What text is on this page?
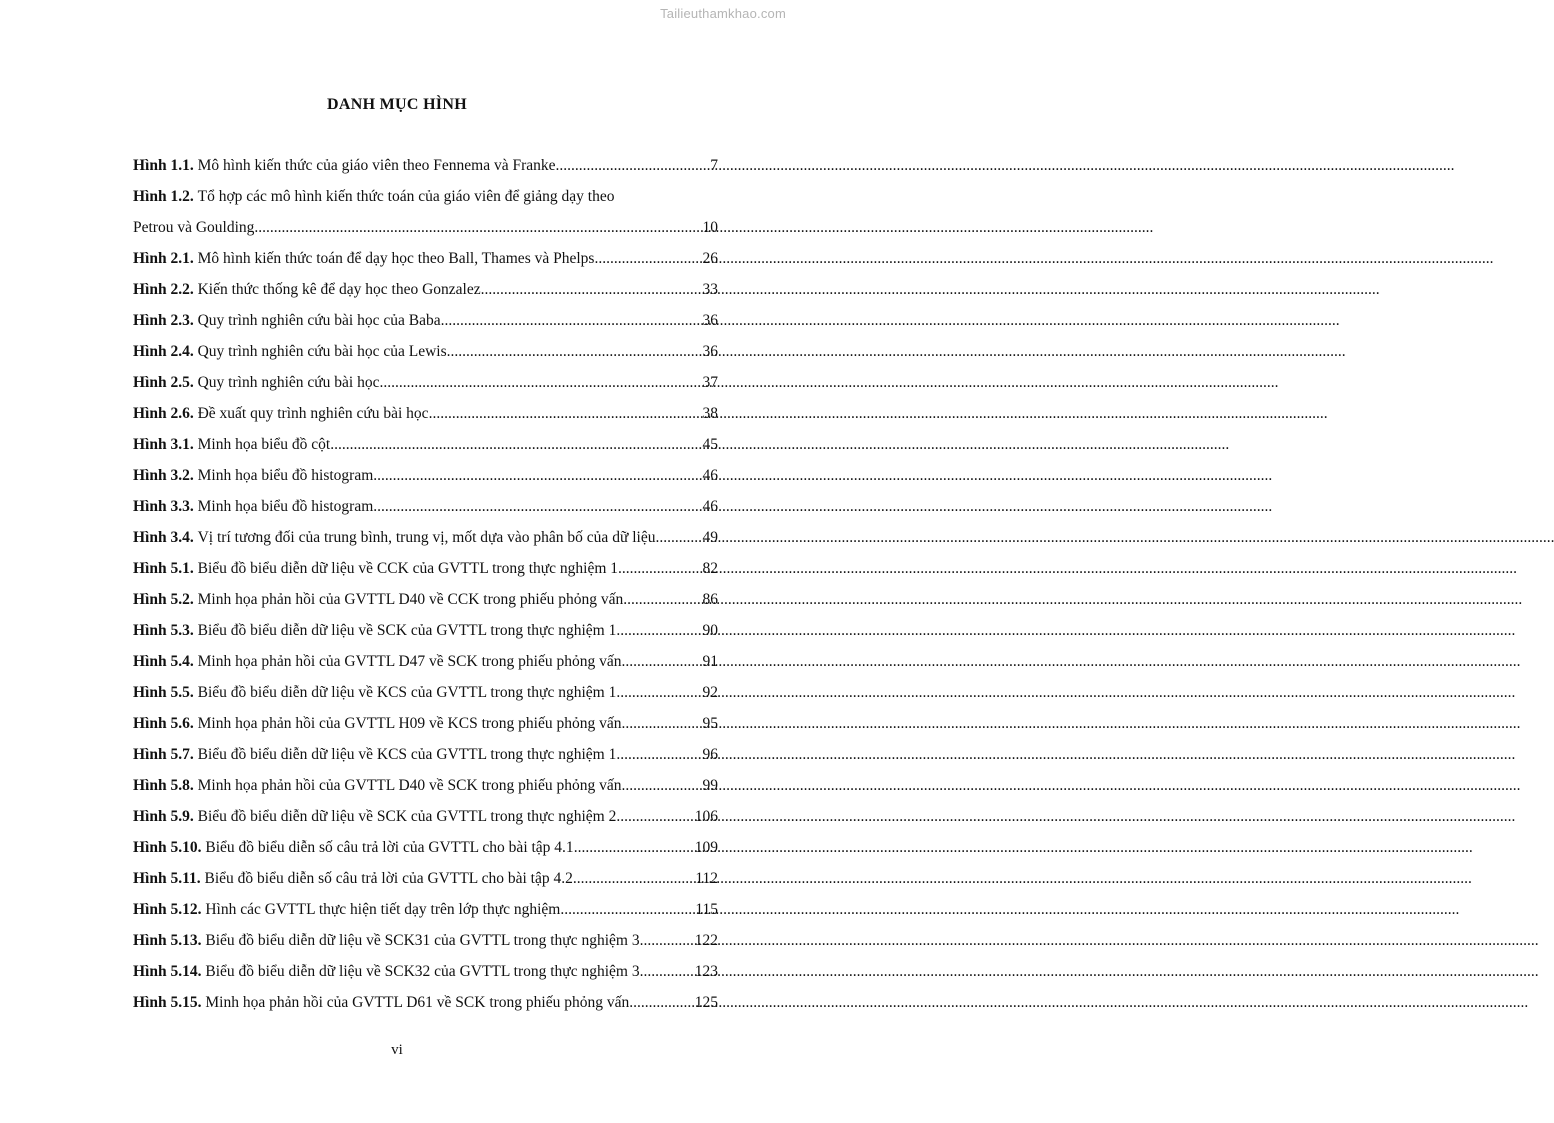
Tailieuthamkhao.com
DANH MỤC HÌNH
Hình 1.1. Mô hình kiến thức của giáo viên theo Fennema và Franke .....	7
Hình 1.2. Tổ hợp các mô hình kiến thức toán của giáo viên để giảng dạy theo
Petrou và Goulding .....	10
Hình 2.1. Mô hình kiến thức toán để dạy học theo Ball, Thames và Phelps .....	26
Hình 2.2. Kiến thức thống kê để dạy học theo Gonzalez .....	33
Hình 2.3. Quy trình nghiên cứu bài học của Baba .....	36
Hình 2.4. Quy trình nghiên cứu bài học của Lewis .....	36
Hình 2.5. Quy trình nghiên cứu bài học .....	37
Hình 2.6. Đề xuất quy trình nghiên cứu bài học .....	38
Hình 3.1. Minh họa biểu đồ cột .....	45
Hình 3.2. Minh họa biểu đồ histogram .....	46
Hình 3.3. Minh họa biểu đồ histogram .....	46
Hình 3.4. Vị trí tương đối của trung bình, trung vị, mốt dựa vào phân bố của dữ liệu .....	49
Hình 5.1. Biểu đồ biểu diễn dữ liệu về CCK của GVTTL trong thực nghiệm 1 .....	82
Hình 5.2. Minh họa phản hồi của GVTTL D40 về CCK trong phiếu phỏng vấn .....	86
Hình 5.3. Biểu đồ biểu diễn dữ liệu về SCK của GVTTL trong thực nghiệm 1 .....	90
Hình 5.4. Minh họa phản hồi của GVTTL D47 về SCK trong phiếu phỏng vấn .....	91
Hình 5.5. Biểu đồ biểu diễn dữ liệu về KCS của GVTTL trong thực nghiệm 1 .....	92
Hình 5.6. Minh họa phản hồi của GVTTL H09 về KCS trong phiếu phỏng vấn .....	95
Hình 5.7. Biểu đồ biểu diễn dữ liệu về KCS của GVTTL trong thực nghiệm 1 .....	96
Hình 5.8. Minh họa phản hồi của GVTTL D40 về SCK trong phiếu phỏng vấn .....	99
Hình 5.9. Biểu đồ biểu diễn dữ liệu về SCK của GVTTL trong thực nghiệm 2 .....	106
Hình 5.10. Biểu đồ biểu diễn số câu trả lời của GVTTL cho bài tập 4.1 .....	109
Hình 5.11. Biểu đồ biểu diễn số câu trả lời của GVTTL cho bài tập 4.2 .....	112
Hình 5.12. Hình các GVTTL thực hiện tiết dạy trên lớp thực nghiệm .....	115
Hình 5.13. Biểu đồ biểu diễn dữ liệu về SCK31 của GVTTL trong thực nghiệm 3 .....	122
Hình 5.14. Biểu đồ biểu diễn dữ liệu về SCK32 của GVTTL trong thực nghiệm 3 .....	123
Hình 5.15. Minh họa phản hồi của GVTTL D61 về SCK trong phiếu phỏng vấn .....	125
vi
